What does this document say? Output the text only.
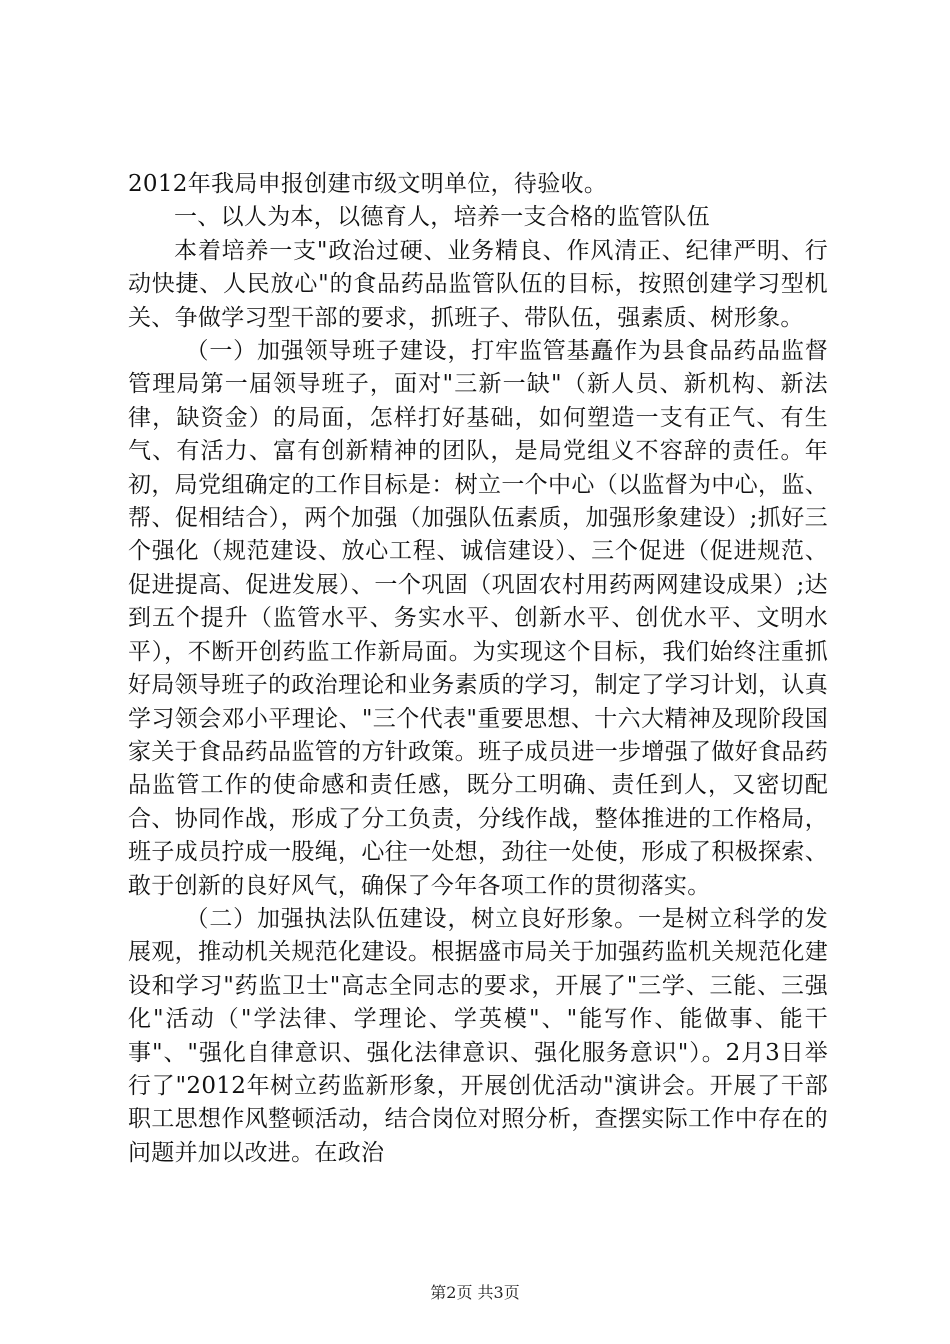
2012年我局申报创建市级文明单位，待验收。

一、以人为本，以德育人，培养一支合格的监管队伍

本着培养一支"政治过硬、业务精良、作风清正、纪律严明、行动快捷、人民放心"的食品药品监管队伍的目标，按照创建学习型机关、争做学习型干部的要求，抓班子、带队伍，强素质、树形象。

（一）加强领导班子建设，打牢监管基矗作为县食品药品监督管理局第一届领导班子，面对"三新一缺"（新人员、新机构、新法律，缺资金）的局面，怎样打好基础，如何塑造一支有正气、有生气、有活力、富有创新精神的团队，是局党组义不容辞的责任。年初，局党组确定的工作目标是：树立一个中心（以监督为中心，监、帮、促相结合），两个加强（加强队伍素质，加强形象建设）;抓好三个强化（规范建设、放心工程、诚信建设）、三个促进（促进规范、促进提高、促进发展）、一个巩固（巩固农村用药两网建设成果）;达到五个提升（监管水平、务实水平、创新水平、创优水平、文明水平），不断开创药监工作新局面。为实现这个目标，我们始终注重抓好局领导班子的政治理论和业务素质的学习，制定了学习计划，认真学习领会邓小平理论、"三个代表"重要思想、十六大精神及现阶段国家关于食品药品监管的方针政策。班子成员进一步增强了做好食品药品监管工作的使命感和责任感，既分工明确、责任到人，又密切配合、协同作战，形成了分工负责，分线作战，整体推进的工作格局，班子成员拧成一股绳，心往一处想，劲往一处使，形成了积极探索、敢于创新的良好风气，确保了今年各项工作的贯彻落实。

（二）加强执法队伍建设，树立良好形象。一是树立科学的发展观，推动机关规范化建设。根据盛市局关于加强药监机关规范化建设和学习"药监卫士"高志全同志的要求，开展了"三学、三能、三强化"活动（"学法律、学理论、学英模"、"能写作、能做事、能干事"、"强化自律意识、强化法律意识、强化服务意识"）。2月3日举行了"2012年树立药监新形象，开展创优活动"演讲会。开展了干部职工思想作风整顿活动，结合岗位对照分析，查摆实际工作中存在的问题并加以改进。在政治

第2页 共3页
